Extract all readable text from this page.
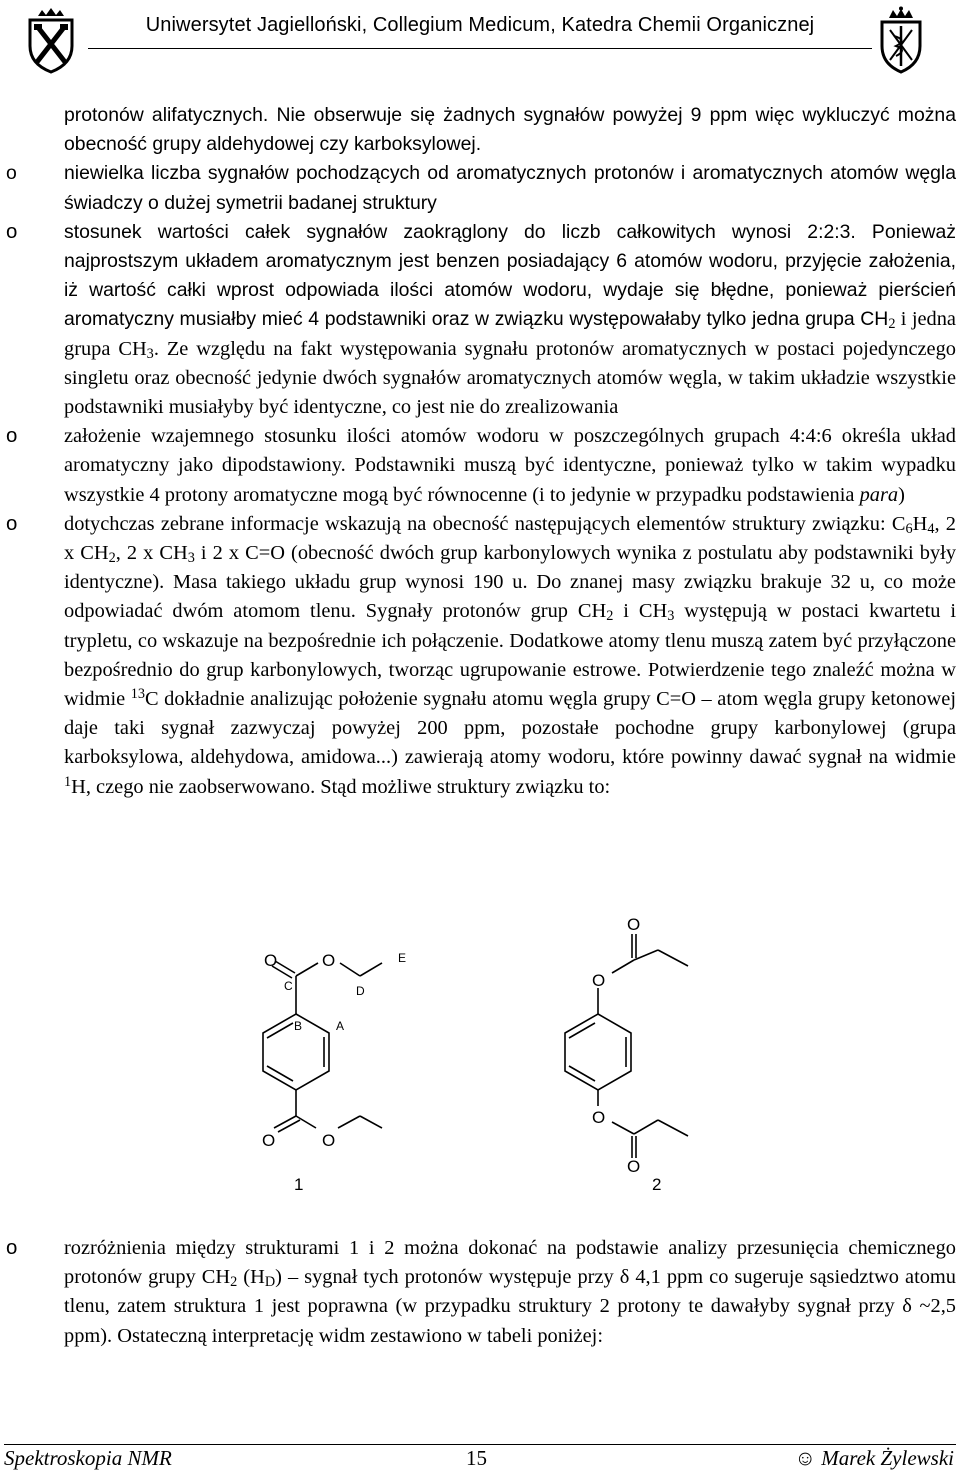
Uniwersytet Jagielloński, Collegium Medicum, Katedra Chemii Organicznej

protonów alifatycznych. Nie obserwuje się żadnych sygnałów powyżej 9 ppm więc wykluczyć można obecność grupy aldehydowej czy karboksylowej.

o	niewielka liczba sygnałów pochodzących od aromatycznych protonów i aromatycznych atomów węgla świadczy o dużej symetrii badanej struktury
o	stosunek wartości całek sygnałów zaokrąglony do liczb całkowitych wynosi 2:2:3. Ponieważ najprostszym układem aromatycznym jest benzen posiadający 6 atomów wodoru, przyjęcie założenia, iż wartość całki wprost odpowiada ilości atomów wodoru, wydaje się błędne, ponieważ pierścień aromatyczny musiałby mieć 4 podstawniki oraz w związku występowałaby tylko jedna grupa $CH_2$ i jedna grupa $CH_3$. Ze względu na fakt występowania sygnału protonów aromatycznych w postaci pojedynczego singletu oraz obecność jedynie dwóch sygnałów aromatycznych atomów węgla, w takim układzie wszystkie podstawniki musiałyby być identyczne, co jest nie do zrealizowania
o	założenie wzajemnego stosunku ilości atomów wodoru w poszczególnych grupach 4:4:6 określa układ aromatyczny jako dipodstawiony. Podstawniki muszą być identyczne, ponieważ tylko w takim wypadku wszystkie 4 protony aromatyczne mogą być równocenne (i to jedynie w przypadku podstawienia para)
o	dotychczas zebrane informacje wskazują na obecność następujących elementów struktury związku: $C_6H_4$, 2 x $CH_2$, 2 x $CH_3$ i 2 x C=O (obecność dwóch grup karbonylowych wynika z postulatu aby podstawniki były identyczne). Masa takiego układu grup wynosi 190 u. Do znanej masy związku brakuje 32 u, co może odpowiadać dwóm atomom tlenu. Sygnały protonów grup $CH_2$ i $CH_3$ występują w postaci kwartetu i trypletu, co wskazuje na bezpośrednie ich połączenie. Dodatkowe atomy tlenu muszą zatem być przyłączone bezpośrednio do grup karbonylowych, tworząc ugrupowanie estrowe. Potwierdzenie tego znaleźć można w widmie $^{13}$C dokładnie analizując położenie sygnału atomu węgla grupy C=O – atom węgla grupy ketonowej daje taki sygnał zazwyczaj powyżej 200 ppm, pozostałe pochodne grupy karbonylowej (grupa karboksylowa, aldehydowa, amidowa...) zawierają atomy wodoru, które powinny dawać sygnał na widmie $^1$H, czego nie zaobserwowano. Stąd możliwe struktury związku to:
O	O	E
C	D
B	A
O	O
1
O
O
O
O
2
o	rozróżnienia między strukturami 1 i 2 można dokonać na podstawie analizy przesunięcia chemicznego protonów grupy $CH_2$ $(H_D)$ – sygnał tych protonów występuje przy δ 4,1 ppm co sugeruje sąsiedztwo atomu tlenu, zatem struktura 1 jest poprawna (w przypadku struktury 2 protony te dawałyby sygnał przy δ ~2,5 ppm). Ostateczną interpretację widm zestawiono w tabeli poniżej:
Spektroskopia NMR	15	☺ Marek Żylewski
